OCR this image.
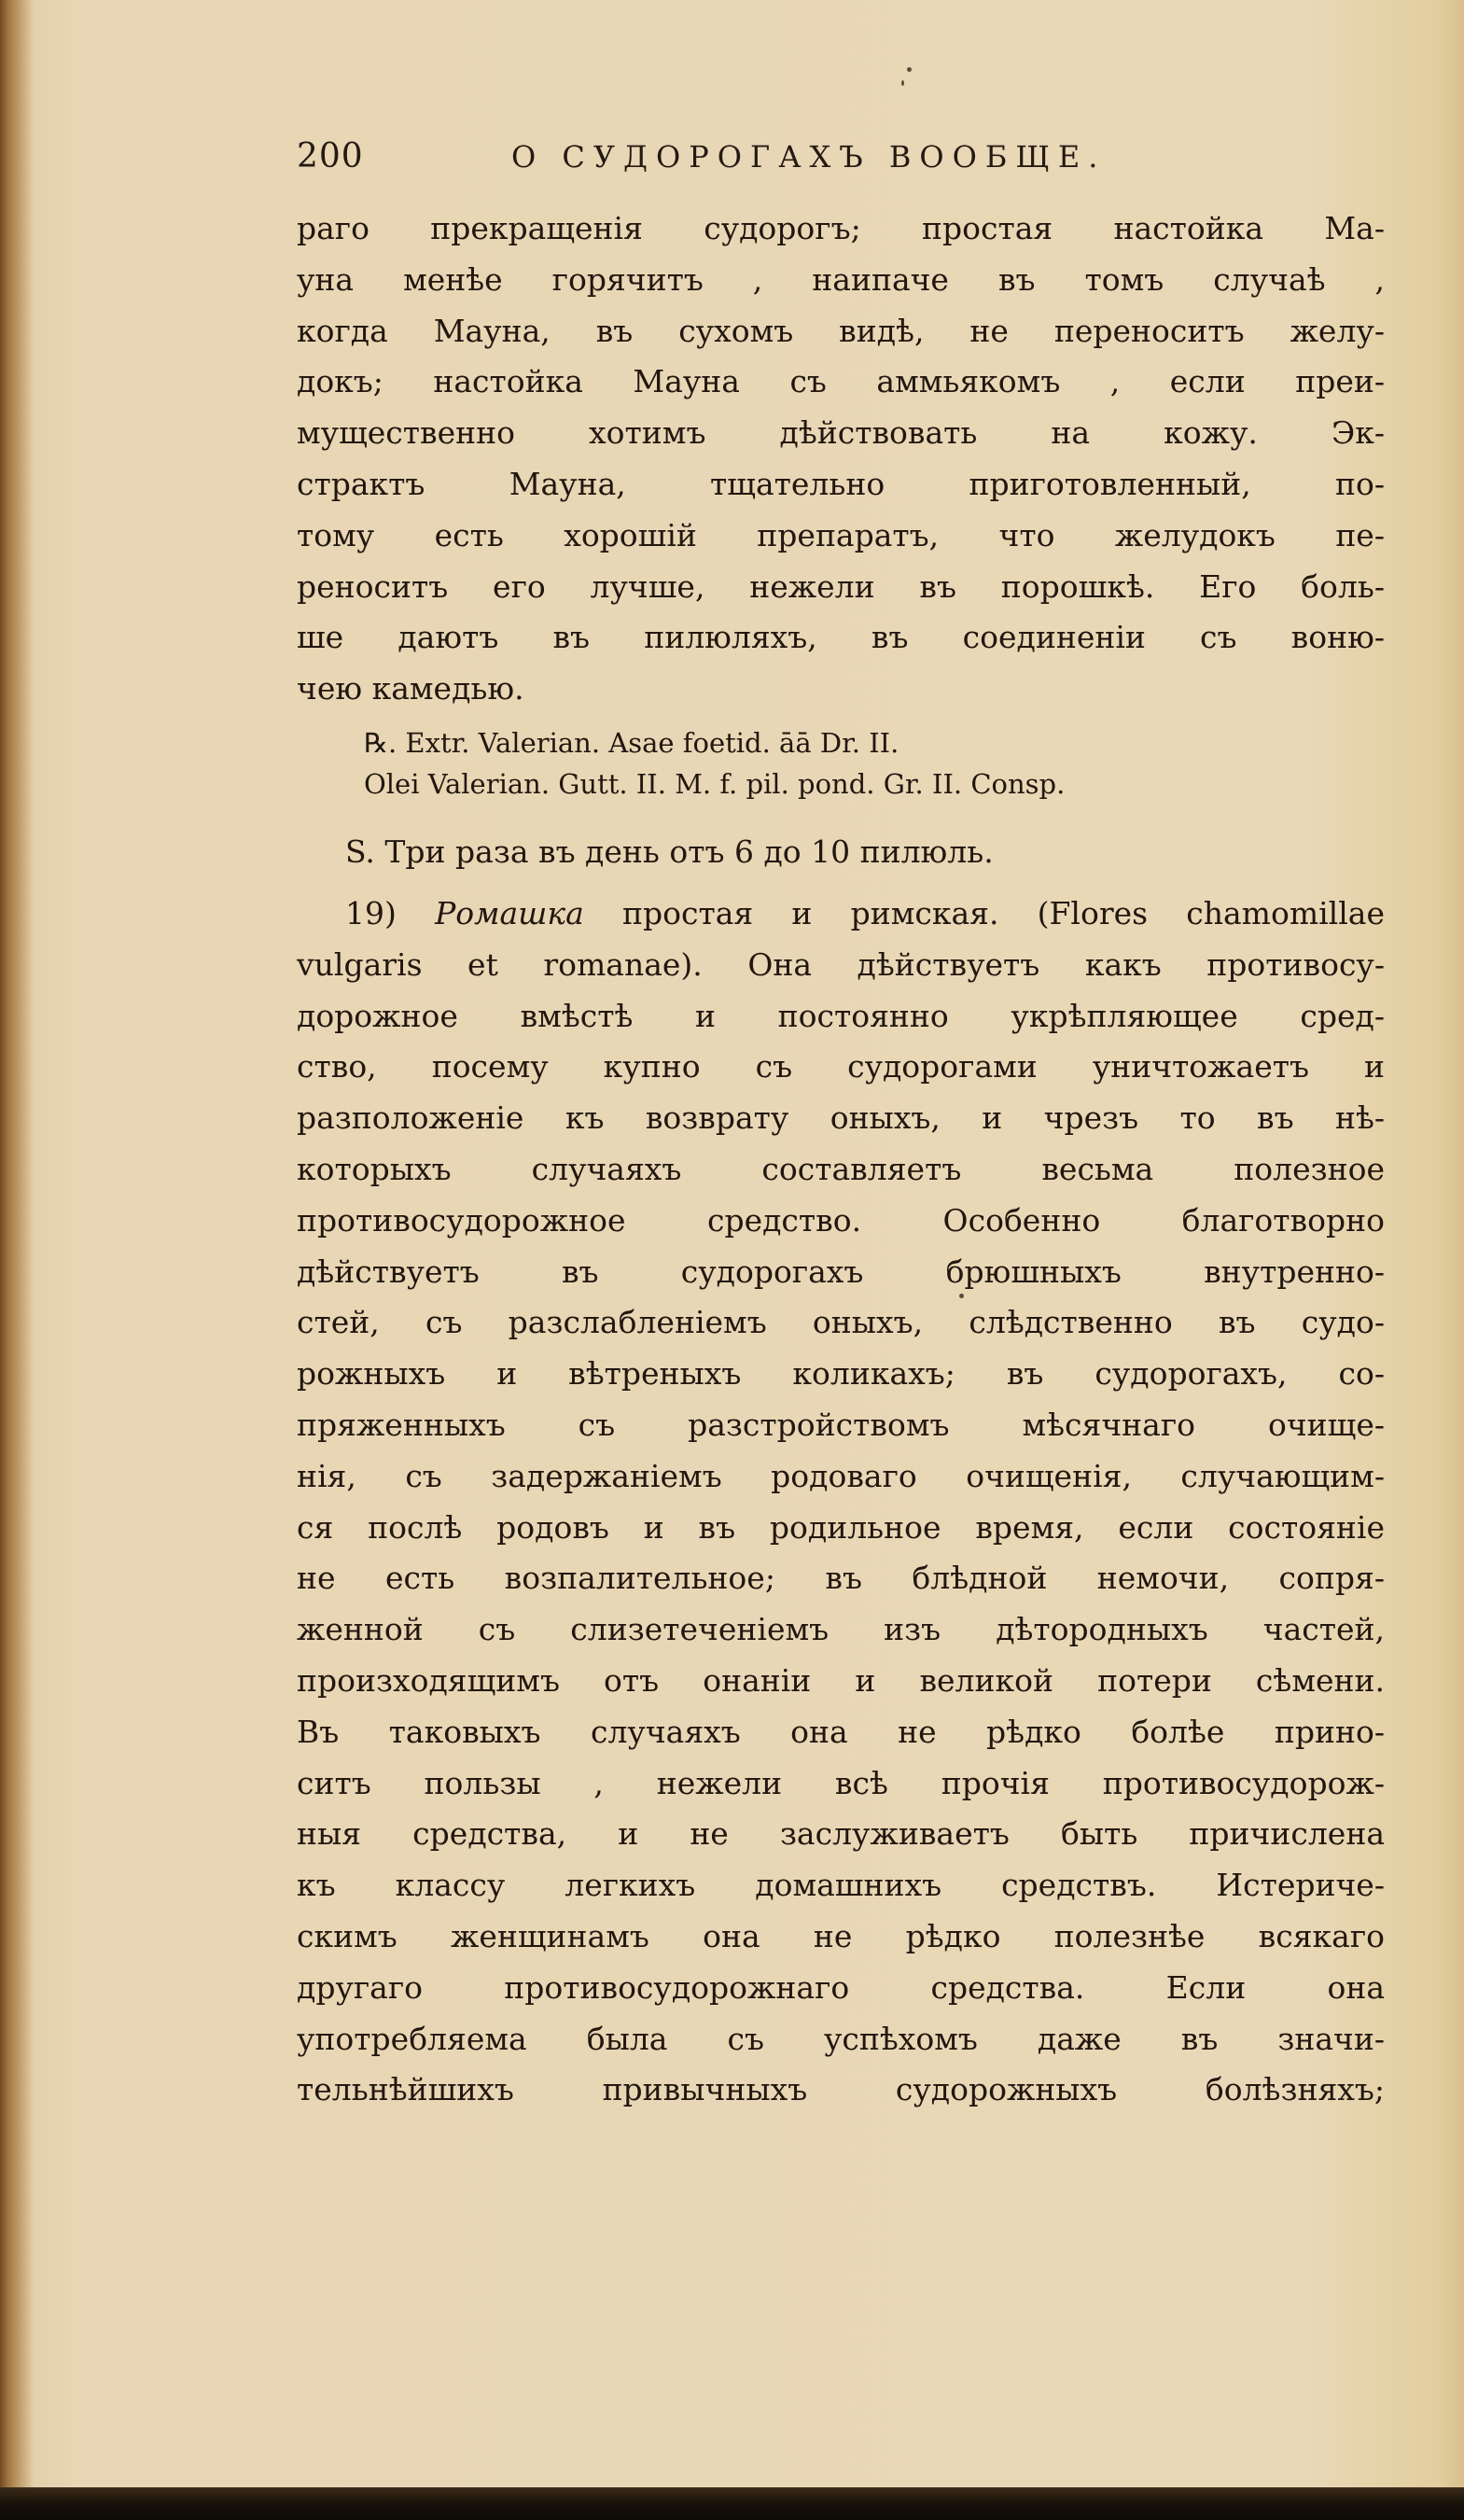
200	О СУДОРОГАХЪ ВООБЩЕ.
раго прекращенія судорогъ; простая настойка Ма-
уна менѣе горячитъ , наипаче въ томъ случаѣ ,
когда Мауна, въ сухомъ видѣ, не переноситъ желу-
докъ; настойка Мауна съ аммьякомъ , если преи-
мущественно хотимъ дѣйствовать на кожу. Эк-
страктъ Мауна, тщательно приготовленный, по-
тому есть хорошій препаратъ, что желудокъ пе-
реноситъ его лучше, нежели въ порошкѣ. Его боль-
ше даютъ въ пилюляхъ, въ соединеніи съ воню-
чею камедью.
℞. Extr. Valerian. Asae foetid. āā Dr. II.
Olei Valerian. Gutt. II. M. f. pil. pond. Gr. II. Consp.
S. Три раза въ день отъ 6 до 10 пилюль.
19) Ромашка простая и римская. (Flores chamomillae
vulgaris et romanae). Она дѣйствуетъ какъ противосу-
дорожное вмѣстѣ и постоянно укрѣпляющее сред-
ство, посему купно съ судорогами уничтожаетъ и
разположеніе къ возврату оныхъ, и чрезъ то въ нѣ-
которыхъ случаяхъ составляетъ весьма полезное
противосудорожное средство. Особенно благотворно
дѣйствуетъ въ судорогахъ брюшныхъ внутренно-
стей, съ разслабленіемъ оныхъ, слѣдственно въ судо-
рожныхъ и вѣтреныхъ коликахъ; въ судорогахъ, со-
пряженныхъ съ разстройствомъ мѣсячнаго очище-
нія, съ задержаніемъ родоваго очищенія, случающим-
ся послѣ родовъ и въ родильное время, если состояніе
не есть возпалительное; въ блѣдной немочи, сопря-
женной съ слизетеченіемъ изъ дѣтородныхъ частей,
произходящимъ отъ онаніи и великой потери сѣмени.
Въ таковыхъ случаяхъ она не рѣдко болѣе прино-
ситъ пользы , нежели всѣ прочія противосудорож-
ныя средства, и не заслуживаетъ быть причислена
къ классу легкихъ домашнихъ средствъ. Истериче-
скимъ женщинамъ она не рѣдко полезнѣе всякаго
другаго противосудорожнаго средства. Если она
употребляема была съ успѣхомъ даже въ значи-
тельнѣйшихъ привычныхъ судорожныхъ болѣзняхъ;
